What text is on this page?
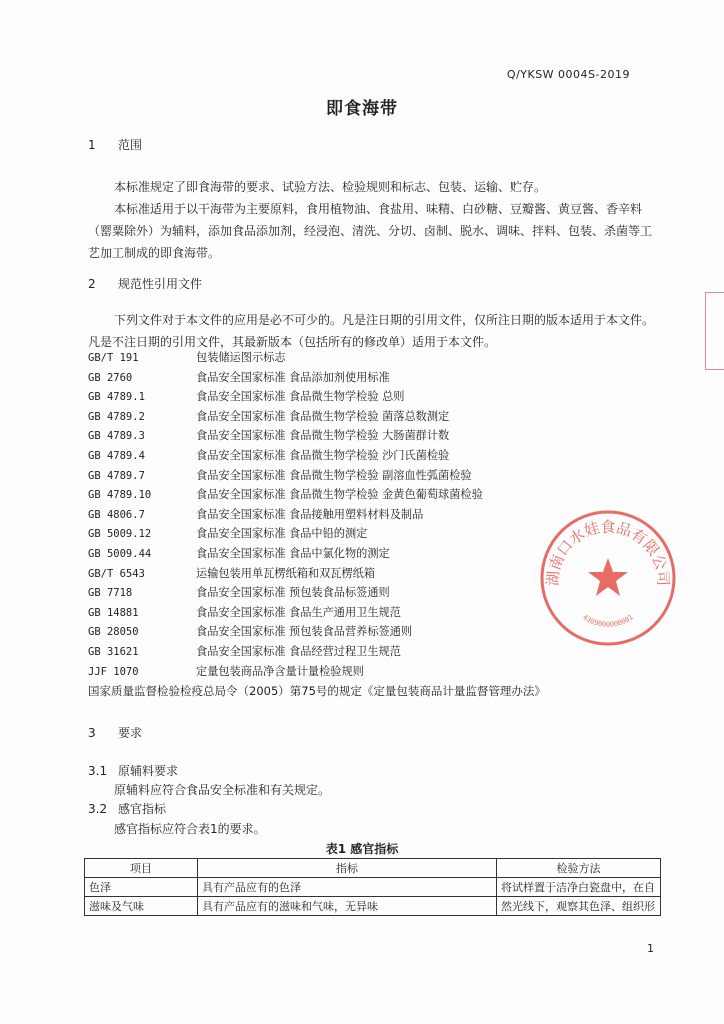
Q/YKSW 0004S-2019
即食海带
1 范围
本标准规定了即食海带的要求、试验方法、检验规则和标志、包装、运输、贮存。
本标准适用于以干海带为主要原料，食用植物油、食盐用、味精、白砂糖、豆瓣酱、黄豆酱、香辛料（罂粟除外）为辅料，添加食品添加剂，经浸泡、清洗、分切、卤制、脱水、调味、拌料、包装、杀菌等工艺加工制成的即食海带。
2 规范性引用文件
下列文件对于本文件的应用是必不可少的。凡是注日期的引用文件，仅所注日期的版本适用于本文件。凡是不注日期的引用文件，其最新版本（包括所有的修改单）适用于本文件。
GB/T 191	包装储运图示标志
GB 2760	食品安全国家标准 食品添加剂使用标准
GB 4789.1	食品安全国家标准 食品微生物学检验 总则
GB 4789.2	食品安全国家标准 食品微生物学检验 菌落总数测定
GB 4789.3	食品安全国家标准 食品微生物学检验 大肠菌群计数
GB 4789.4	食品安全国家标准 食品微生物学检验 沙门氏菌检验
GB 4789.7	食品安全国家标准 食品微生物学检验 副溶血性弧菌检验
GB 4789.10	食品安全国家标准 食品微生物学检验 金黄色葡萄球菌检验
GB 4806.7	食品安全国家标准 食品接触用塑料材料及制品
GB 5009.12	食品安全国家标准 食品中铅的测定
GB 5009.44	食品安全国家标准 食品中氯化物的测定
GB/T 6543	运输包装用单瓦楞纸箱和双瓦楞纸箱
GB 7718	食品安全国家标准 预包装食品标签通则
GB 14881	食品安全国家标准 食品生产通用卫生规范
GB 28050	食品安全国家标准 预包装食品营养标签通则
GB 31621	食品安全国家标准 食品经营过程卫生规范
JJF 1070	定量包装商品净含量计量检验规则
国家质量监督检验检疫总局令（2005）第75号的规定《定量包装商品计量监督管理办法》
3 要求
3.1 原辅料要求
原辅料应符合食品安全标准和有关规定。
3.2 感官指标
感官指标应符合表1的要求。
表1 感官指标
项目	指标	检验方法
色泽	具有产品应有的色泽	将试样置于洁净白瓷盘中，在自
滋味及气味	具有产品应有的滋味和气味，无异味	然光线下，观察其色泽、组织形
1
湖南口水娃食品有限公司
4309000000001
